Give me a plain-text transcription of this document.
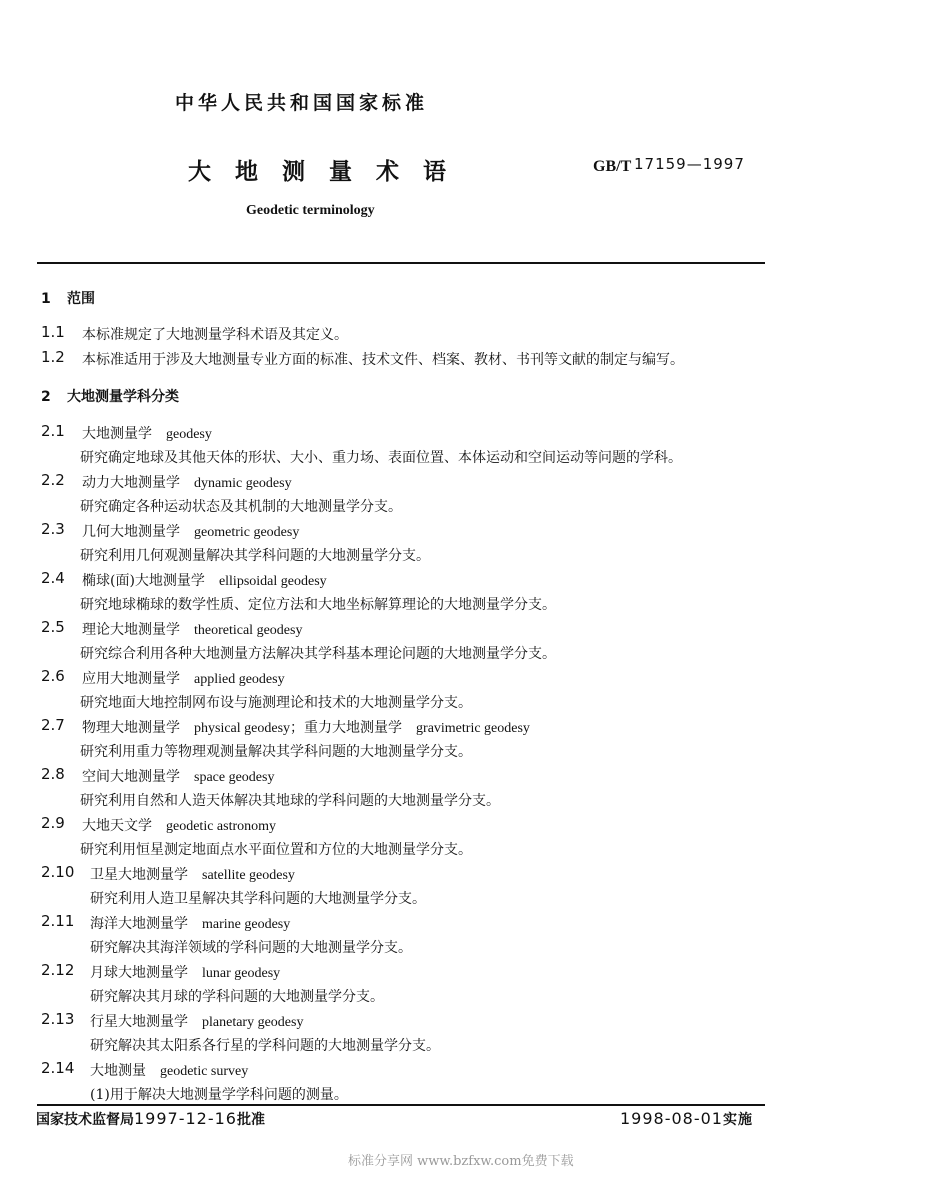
中华人民共和国国家标准
大地测量术语	GB/T 17159—1997
Geodetic terminology
1 范围
1.1 本标准规定了大地测量学科术语及其定义。
1.2 本标准适用于涉及大地测量专业方面的标准、技术文件、档案、教材、书刊等文献的制定与编写。
2 大地测量学科分类
2.1 大地测量学 geodesy
研究确定地球及其他天体的形状、大小、重力场、表面位置、本体运动和空间运动等问题的学科。
2.2 动力大地测量学 dynamic geodesy
研究确定各种运动状态及其机制的大地测量学分支。
2.3 几何大地测量学 geometric geodesy
研究利用几何观测量解决其学科问题的大地测量学分支。
2.4 椭球(面)大地测量学 ellipsoidal geodesy
研究地球椭球的数学性质、定位方法和大地坐标解算理论的大地测量学分支。
2.5 理论大地测量学 theoretical geodesy
研究综合利用各种大地测量方法解决其学科基本理论问题的大地测量学分支。
2.6 应用大地测量学 applied geodesy
研究地面大地控制网布设与施测理论和技术的大地测量学分支。
2.7 物理大地测量学 physical geodesy；重力大地测量学　gravimetric geodesy
研究利用重力等物理观测量解决其学科问题的大地测量学分支。
2.8 空间大地测量学 space geodesy
研究利用自然和人造天体解决其地球的学科问题的大地测量学分支。
2.9 大地天文学 geodetic astronomy
研究利用恒星测定地面点水平面位置和方位的大地测量学分支。
2.10 卫星大地测量学 satellite geodesy
研究利用人造卫星解决其学科问题的大地测量学分支。
2.11 海洋大地测量学 marine geodesy
研究解决其海洋领域的学科问题的大地测量学分支。
2.12 月球大地测量学 lunar geodesy
研究解决其月球的学科问题的大地测量学分支。
2.13 行星大地测量学 planetary geodesy
研究解决其太阳系各行星的学科问题的大地测量学分支。
2.14 大地测量 geodetic survey
(1)用于解决大地测量学学科问题的测量。
国家技术监督局1997-12-16批准	1998-08-01实施
标准分享网 www.bzfxw.com免费下载
